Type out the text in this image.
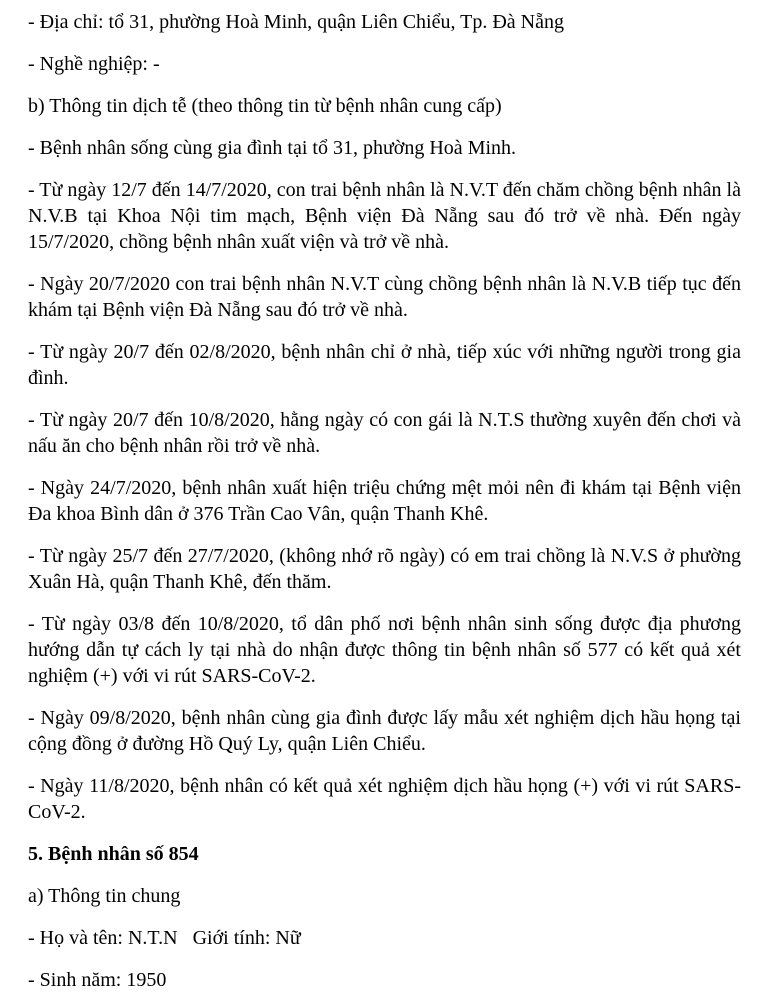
- Địa chỉ: tổ 31, phường Hoà Minh, quận Liên Chiểu, Tp. Đà Nẵng

- Nghề nghiệp: -

b) Thông tin dịch tễ (theo thông tin từ bệnh nhân cung cấp)

- Bệnh nhân sống cùng gia đình tại tổ 31, phường Hoà Minh.

- Từ ngày 12/7 đến 14/7/2020, con trai bệnh nhân là N.V.T đến chăm chồng bệnh nhân là N.V.B tại Khoa Nội tim mạch, Bệnh viện Đà Nẵng sau đó trở về nhà. Đến ngày 15/7/2020, chồng bệnh nhân xuất viện và trở về nhà.

- Ngày 20/7/2020 con trai bệnh nhân N.V.T cùng chồng bệnh nhân là N.V.B tiếp tục đến khám tại Bệnh viện Đà Nẵng sau đó trở về nhà.

- Từ ngày 20/7 đến 02/8/2020, bệnh nhân chỉ ở nhà, tiếp xúc với những người trong gia đình.

- Từ ngày 20/7 đến 10/8/2020, hằng ngày có con gái là N.T.S thường xuyên đến chơi và nấu ăn cho bệnh nhân rồi trở về nhà.

- Ngày 24/7/2020, bệnh nhân xuất hiện triệu chứng mệt mỏi nên đi khám tại Bệnh viện Đa khoa Bình dân ở 376 Trần Cao Vân, quận Thanh Khê.

- Từ ngày 25/7 đến 27/7/2020, (không nhớ rõ ngày) có em trai chồng là N.V.S ở phường Xuân Hà, quận Thanh Khê, đến thăm.

- Từ ngày 03/8 đến 10/8/2020, tổ dân phố nơi bệnh nhân sinh sống được địa phương hướng dẫn tự cách ly tại nhà do nhận được thông tin bệnh nhân số 577 có kết quả xét nghiệm (+) với vi rút SARS-CoV-2.

- Ngày 09/8/2020, bệnh nhân cùng gia đình được lấy mẫu xét nghiệm dịch hầu họng tại cộng đồng ở đường Hồ Quý Ly, quận Liên Chiểu.

- Ngày 11/8/2020, bệnh nhân có kết quả xét nghiệm dịch hầu họng (+) với vi rút SARS-CoV-2.

5. Bệnh nhân số 854

a) Thông tin chung

- Họ và tên: N.T.N   Giới tính: Nữ

- Sinh năm: 1950
